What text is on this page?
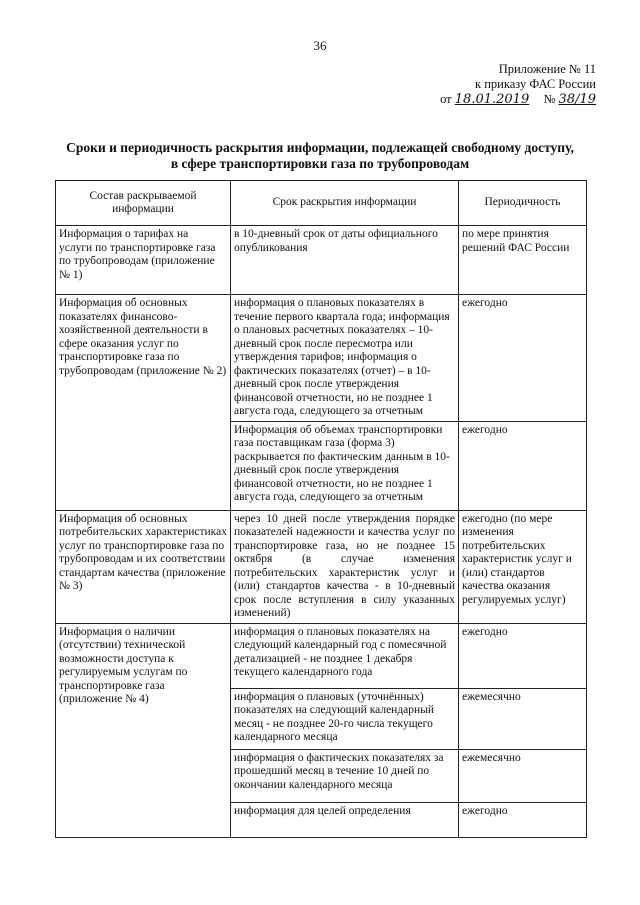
36
Приложение № 11
к приказу ФАС России
от 18.01.2019 № 38/19
Сроки и периодичность раскрытия информации, подлежащей свободному доступу,
в сфере транспортировки газа по трубопроводам
Состав раскрываемой информации	Срок раскрытия информации	Периодичность
Информация о тарифах на услуги по транспортировке газа по трубопроводам (приложение № 1)	в 10-дневный срок от даты официального опубликования	по мере принятия решений ФАС России
Информация об основных показателях финансово-хозяйственной деятельности в сфере оказания услуг по транспортировке газа по трубопроводам (приложение № 2)	информация о плановых показателях в течение первого квартала года; информация о плановых расчетных показателях – 10-дневный срок после пересмотра или утверждения тарифов; информация о фактических показателях (отчет) – в 10-дневный срок после утверждения финансовой отчетности, но не позднее 1 августа года, следующего за отчетным	ежегодно
	Информация об объемах транспортировки газа поставщикам газа (форма 3) раскрывается по фактическим данным в 10-дневный срок после утверждения финансовой отчетности, но не позднее 1 августа года, следующего за отчетным	ежегодно
Информация об основных потребительских характеристиках услуг по транспортировке газа по трубопроводам и их соответствии стандартам качества (приложение № 3)	через 10 дней после утверждения порядке показателей надежности и качества услуг по транспортировке газа, но не позднее 15 октября (в случае изменения потребительских характеристик услуг и (или) стандартов качества - в 10-дневный срок после вступления в силу указанных изменений)	ежегодно (по мере изменения потребительских характеристик услуг и (или) стандартов качества оказания регулируемых услуг)
Информация о наличии (отсутствии) технической возможности доступа к регулируемым услугам по транспортировке газа (приложение № 4)	информация о плановых показателях на следующий календарный год с помесячной детализацией - не позднее 1 декабря текущего календарного года	ежегодно
	информация о плановых (уточнённых) показателях на следующий календарный месяц - не позднее 20-го числа текущего календарного месяца	ежемесячно
	информация о фактических показателях за прошедший месяц в течение 10 дней по окончании календарного месяца	ежемесячно
	информация для целей определения	ежегодно
